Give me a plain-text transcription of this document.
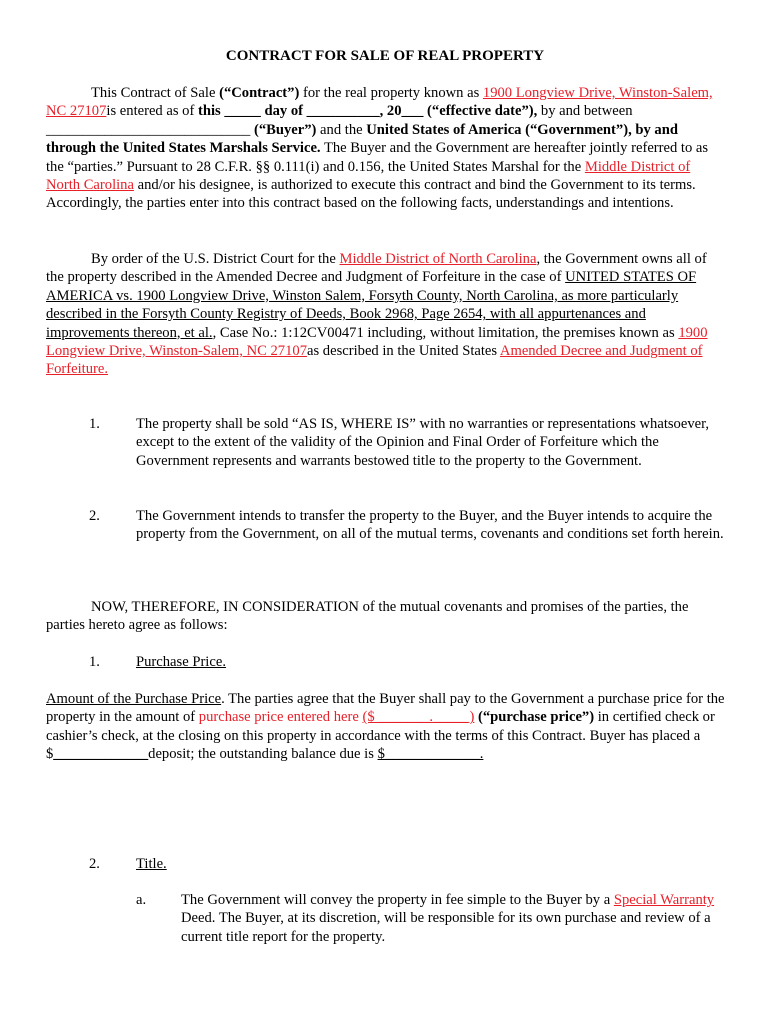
CONTRACT FOR SALE OF REAL PROPERTY

This Contract of Sale (“Contract”) for the real property known as 1900 Longview Drive, Winston-Salem, NC 27107is entered as of this _____ day of __________, 20___ (“effective date”), by and between ____________________________ (“Buyer”) and the United States of America (“Government”), by and through the United States Marshals Service. The Buyer and the Government are hereafter jointly referred to as the “parties.” Pursuant to 28 C.F.R. §§ 0.111(i) and 0.156, the United States Marshal for the Middle District of North Carolina and/or his designee, is authorized to execute this contract and bind the Government to its terms. Accordingly, the parties enter into this contract based on the following facts, understandings and intentions.

By order of the U.S. District Court for the Middle District of North Carolina, the Government owns all of the property described in the Amended Decree and Judgment of Forfeiture in the case of UNITED STATES OF AMERICA vs. 1900 Longview Drive, Winston Salem, Forsyth County, North Carolina, as more particularly described in the Forsyth County Registry of Deeds, Book 2968, Page 2654, with all appurtenances and improvements thereon, et al., Case No.: 1:12CV00471 including, without limitation, the premises known as 1900 Longview Drive, Winston-Salem, NC 27107as described in the United States Amended Decree and Judgment of Forfeiture.

1. The property shall be sold “AS IS, WHERE IS” with no warranties or representations whatsoever, except to the extent of the validity of the Opinion and Final Order of Forfeiture which the Government represents and warrants bestowed title to the property to the Government.

2. The Government intends to transfer the property to the Buyer, and the Buyer intends to acquire the property from the Government, on all of the mutual terms, covenants and conditions set forth herein.

NOW, THEREFORE, IN CONSIDERATION of the mutual covenants and promises of the parties, the parties hereto agree as follows:

1. Purchase Price.

Amount of the Purchase Price. The parties agree that the Buyer shall pay to the Government a purchase price for the property in the amount of purchase price entered here ($ _______._____) (“purchase price”) in certified check or cashier’s check, at the closing on this property in accordance with the terms of this Contract. Buyer has placed a $_____________deposit; the outstanding balance due is $_____________.

2. Title.
a. The Government will convey the property in fee simple to the Buyer by a Special Warranty Deed. The Buyer, at its discretion, will be responsible for its own purchase and review of a current title report for the property.
